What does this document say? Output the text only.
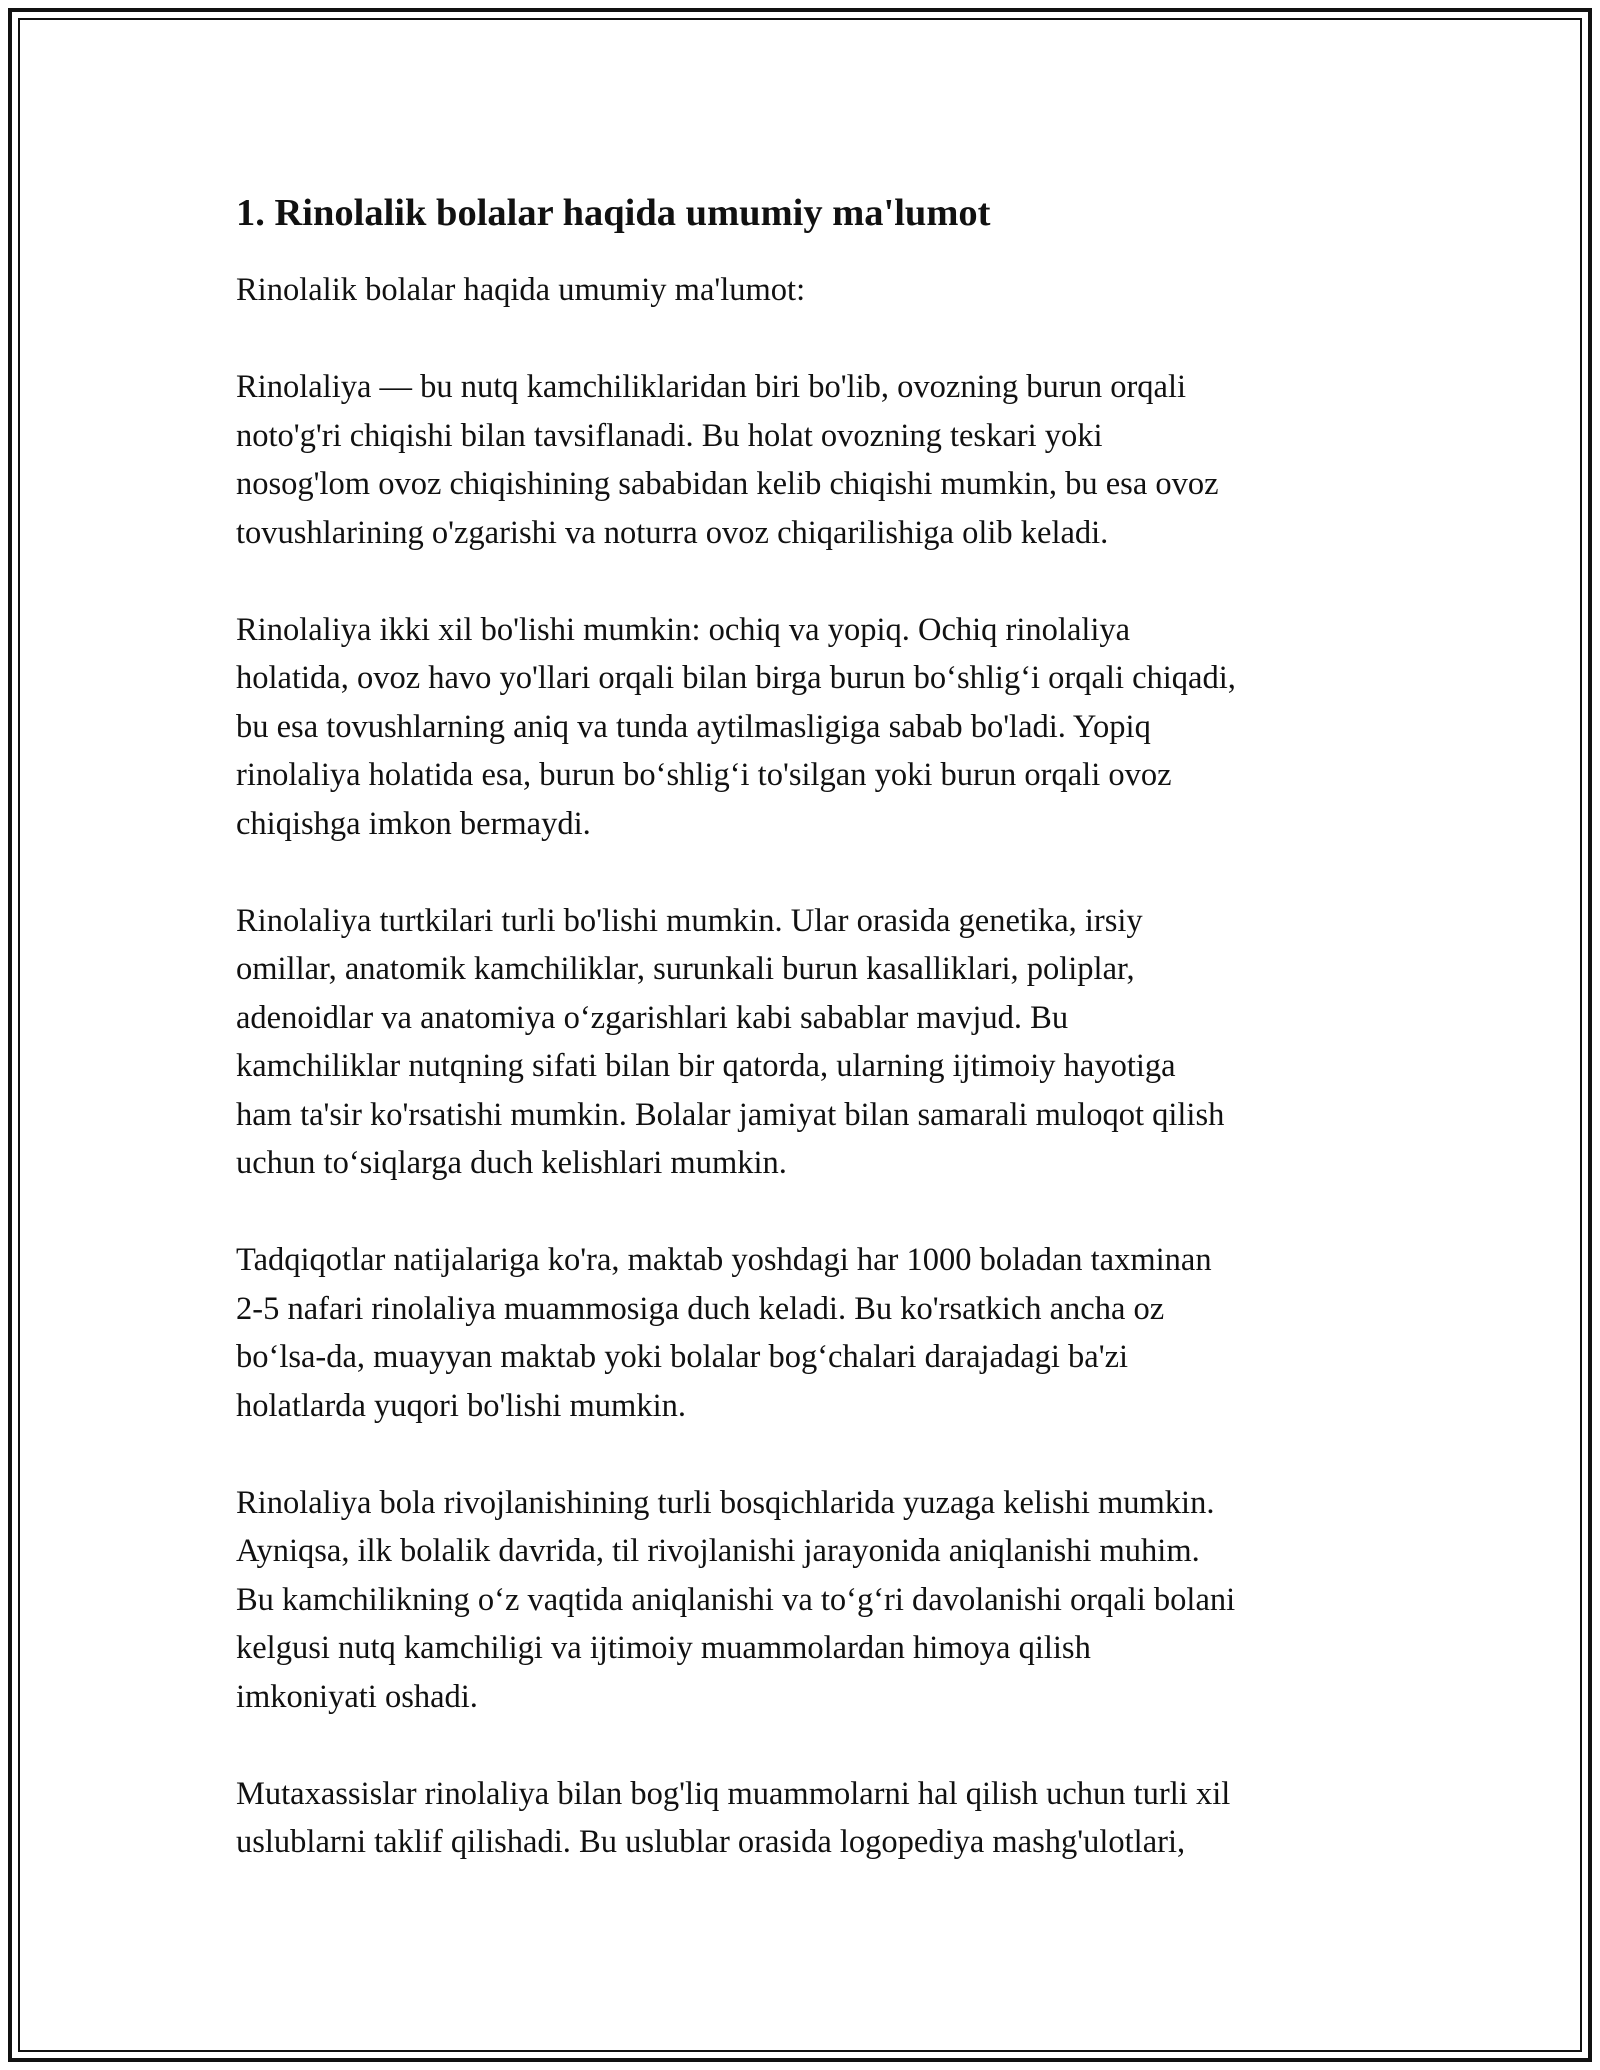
1. Rinolalik bolalar haqida umumiy ma'lumot

Rinolalik bolalar haqida umumiy ma'lumot:

Rinolaliya — bu nutq kamchiliklaridan biri bo'lib, ovozning burun orqali
noto'g'ri chiqishi bilan tavsiflanadi. Bu holat ovozning teskari yoki
nosog'lom ovoz chiqishining sababidan kelib chiqishi mumkin, bu esa ovoz
tovushlarining o'zgarishi va noturra ovoz chiqarilishiga olib keladi.

Rinolaliya ikki xil bo'lishi mumkin: ochiq va yopiq. Ochiq rinolaliya
holatida, ovoz havo yo'llari orqali bilan birga burun bo‘shlig‘i orqali chiqadi,
bu esa tovushlarning aniq va tunda aytilmasligiga sabab bo'ladi. Yopiq
rinolaliya holatida esa, burun bo‘shlig‘i to'silgan yoki burun orqali ovoz
chiqishga imkon bermaydi.

Rinolaliya turtkilari turli bo'lishi mumkin. Ular orasida genetika, irsiy
omillar, anatomik kamchiliklar, surunkali burun kasalliklari, poliplar,
adenoidlar va anatomiya o‘zgarishlari kabi sabablar mavjud. Bu
kamchiliklar nutqning sifati bilan bir qatorda, ularning ijtimoiy hayotiga
ham ta'sir ko'rsatishi mumkin. Bolalar jamiyat bilan samarali muloqot qilish
uchun to‘siqlarga duch kelishlari mumkin.

Tadqiqotlar natijalariga ko'ra, maktab yoshdagi har 1000 boladan taxminan
2-5 nafari rinolaliya muammosiga duch keladi. Bu ko'rsatkich ancha oz
bo‘lsa-da, muayyan maktab yoki bolalar bog‘chalari darajadagi ba'zi
holatlarda yuqori bo'lishi mumkin.

Rinolaliya bola rivojlanishining turli bosqichlarida yuzaga kelishi mumkin.
Ayniqsa, ilk bolalik davrida, til rivojlanishi jarayonida aniqlanishi muhim.
Bu kamchilikning o‘z vaqtida aniqlanishi va to‘g‘ri davolanishi orqali bolani
kelgusi nutq kamchiligi va ijtimoiy muammolardan himoya qilish
imkoniyati oshadi.

Mutaxassislar rinolaliya bilan bog'liq muammolarni hal qilish uchun turli xil
uslublarni taklif qilishadi. Bu uslublar orasida logopediya mashg'ulotlari,
